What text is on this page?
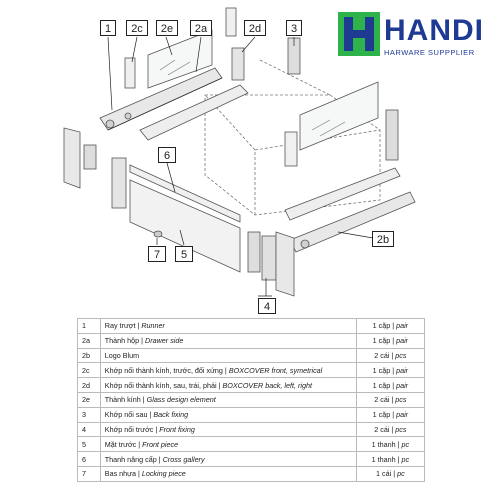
1	2c	2e	2a	2d	3
6
2b
7	5
4
HANDI
HARWARE SUPPPLIER
1	Ray trượt | Runner	1 cặp | pair
2a	Thành hộp | Drawer side	1 cặp | pair
2b	Logo Blum	2 cái | pcs
2c	Khớp nối thành kính, trước, đối xứng | BOXCOVER front, symetrical	1 cặp | pair
2d	Khớp nối thành kính, sau, trái, phải | BOXCOVER back, left, right	1 cặp | pair
2e	Thành kính | Glass design element	2 cái | pcs
3	Khớp nối sau | Back fixing	1 cặp | pair
4	Khớp nối trước | Front fixing	2 cái | pcs
5	Mặt trước | Front piece	1 thanh | pc
6	Thanh nâng cấp | Cross gallery	1 thanh | pc
7	Bas nhựa | Locking piece	1 cái | pc
